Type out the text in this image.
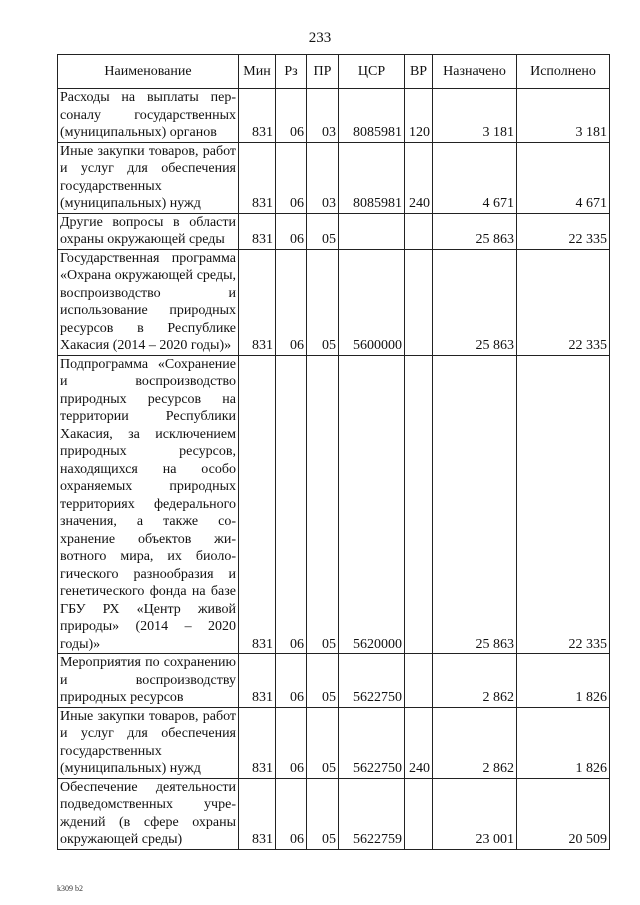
233
Наименование	Мин	Рз	ПР	ЦСР	ВР	Назначено	Исполнено
Расходы на выплаты персоналу государственных (муниципальных) органов	831	06	03	8085981	120	3 181	3 181
Иные закупки товаров, работ и услуг для обеспечения государственных (муниципальных) нужд	831	06	03	8085981	240	4 671	4 671
Другие вопросы в области охраны окружающей среды	831	06	05			25 863	22 335
Государственная программа «Охрана окружающей среды, воспроизводство и использование природных ресурсов в Республике Хакасия (2014 – 2020 годы)»	831	06	05	5600000		25 863	22 335
Подпрограмма «Сохранение и воспроизводство природных ресурсов на территории Республики Хакасия, за исключением природных ресурсов, находящихся на особо охраняемых природных территориях федерального значения, а также сохранение объектов животного мира, их биологического разнообразия и генетического фонда на базе ГБУ РХ «Центр живой природы» (2014 – 2020 годы)»	831	06	05	5620000		25 863	22 335
Мероприятия по сохранению и воспроизводству природных ресурсов	831	06	05	5622750		2 862	1 826
Иные закупки товаров, работ и услуг для обеспечения государственных (муниципальных) нужд	831	06	05	5622750	240	2 862	1 826
Обеспечение деятельности подведомственных учреждений (в сфере охраны окружающей среды)	831	06	05	5622759		23 001	20 509
k309 b2
